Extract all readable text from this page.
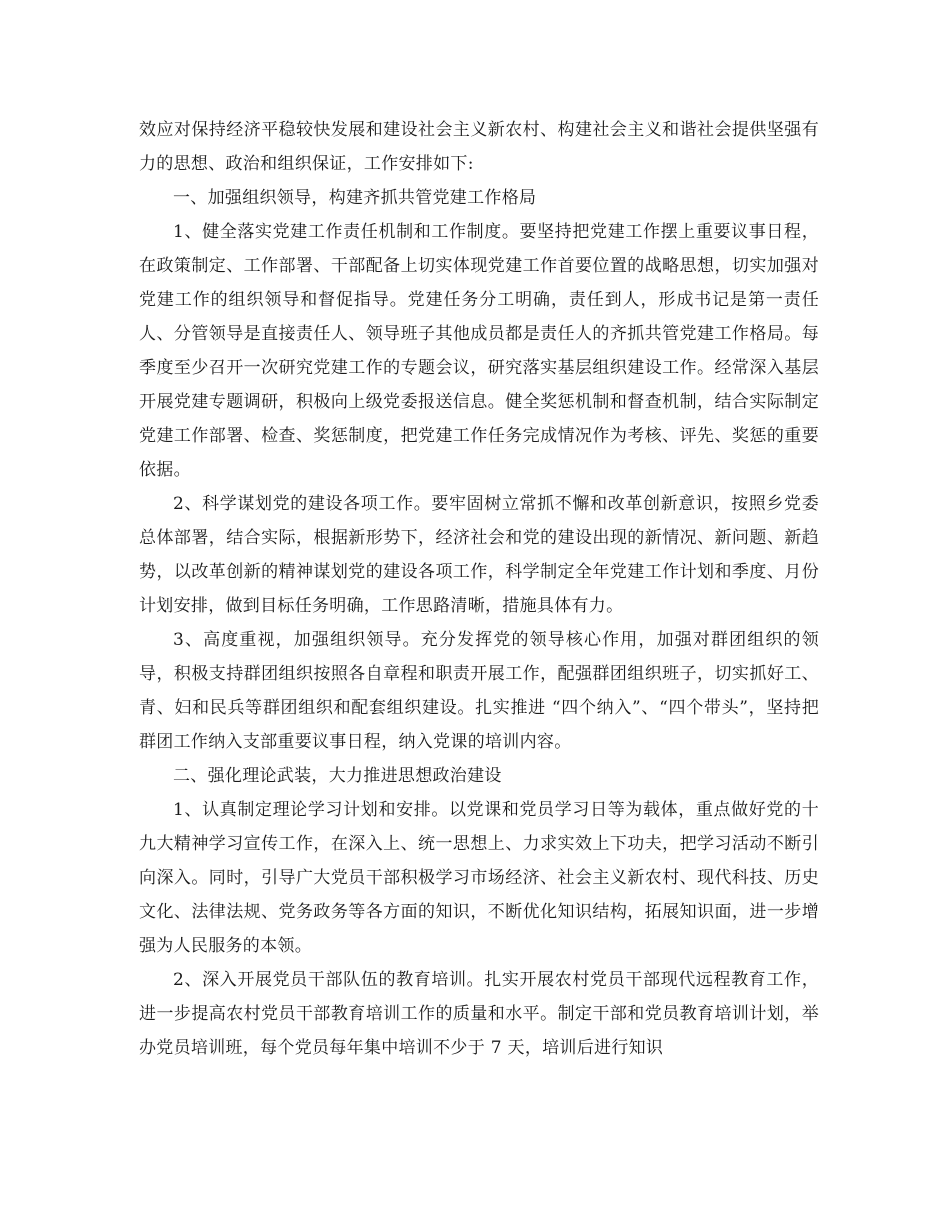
效应对保持经济平稳较快发展和建设社会主义新农村、构建社会主义和谐社会提供坚强有力的思想、政治和组织保证，工作安排如下:

一、加强组织领导，构建齐抓共管党建工作格局

1、健全落实党建工作责任机制和工作制度。要坚持把党建工作摆上重要议事日程，在政策制定、工作部署、干部配备上切实体现党建工作首要位置的战略思想，切实加强对党建工作的组织领导和督促指导。党建任务分工明确，责任到人，形成书记是第一责任人、分管领导是直接责任人、领导班子其他成员都是责任人的齐抓共管党建工作格局。每季度至少召开一次研究党建工作的专题会议，研究落实基层组织建设工作。经常深入基层开展党建专题调研，积极向上级党委报送信息。健全奖惩机制和督查机制，结合实际制定党建工作部署、检查、奖惩制度，把党建工作任务完成情况作为考核、评先、奖惩的重要依据。

2、科学谋划党的建设各项工作。要牢固树立常抓不懈和改革创新意识，按照乡党委总体部署，结合实际，根据新形势下，经济社会和党的建设出现的新情况、新问题、新趋势，以改革创新的精神谋划党的建设各项工作，科学制定全年党建工作计划和季度、月份计划安排，做到目标任务明确，工作思路清晰，措施具体有力。

3、高度重视，加强组织领导。充分发挥党的领导核心作用，加强对群团组织的领导，积极支持群团组织按照各自章程和职责开展工作，配强群团组织班子，切实抓好工、青、妇和民兵等群团组织和配套组织建设。扎实推进 “四个纳入”、“四个带头”，坚持把群团工作纳入支部重要议事日程，纳入党课的培训内容。

二、强化理论武装，大力推进思想政治建设

1、认真制定理论学习计划和安排。以党课和党员学习日等为载体，重点做好党的十九大精神学习宣传工作，在深入上、统一思想上、力求实效上下功夫，把学习活动不断引向深入。同时，引导广大党员干部积极学习市场经济、社会主义新农村、现代科技、历史文化、法律法规、党务政务等各方面的知识，不断优化知识结构，拓展知识面，进一步增强为人民服务的本领。

2、深入开展党员干部队伍的教育培训。扎实开展农村党员干部现代远程教育工作，进一步提高农村党员干部教育培训工作的质量和水平。制定干部和党员教育培训计划，举办党员培训班，每个党员每年集中培训不少于 7 天，培训后进行知识
